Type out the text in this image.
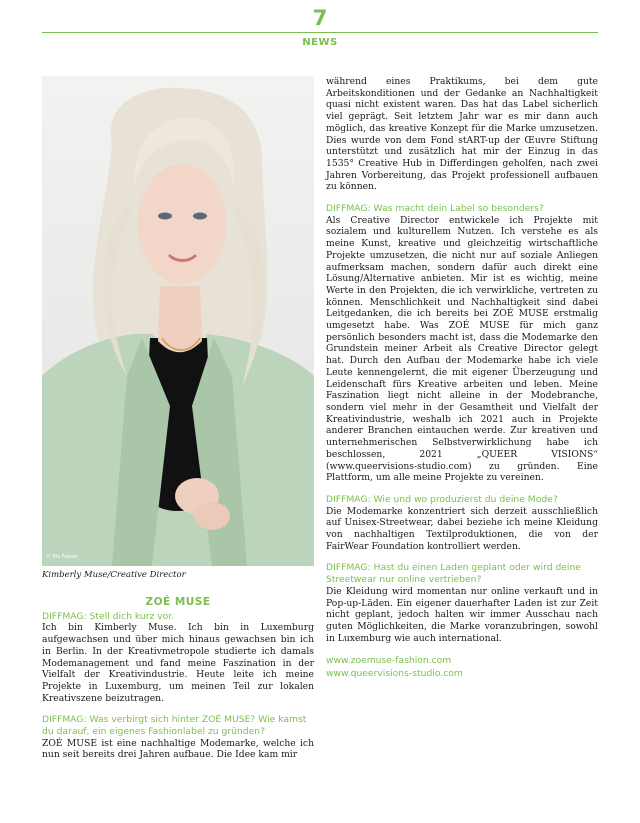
7
NEWS
© Pia Fowler
Kimberly Muse/Creative Director

ZOÉ MUSE

DIFFMAG: Stell dich kurz vor.

Ich bin Kimberly Muse. Ich bin in Luxemburg aufgewachsen und über mich hinaus gewachsen bin ich in Berlin. In der Kreativmetropole studierte ich damals Modemanagement und fand meine Faszination in der Vielfalt der Kreativindustrie. Heute leite ich meine Projekte in Luxemburg, um meinen Teil zur lokalen Kreativszene beizutragen.

DIFFMAG: Was verbirgt sich hinter ZOÉ MUSE? Wie kamst du darauf, ein eigenes Fashionlabel zu gründen?

ZOÉ MUSE ist eine nachhaltige Modemarke, welche ich nun seit bereits drei Jahren aufbaue. Die Idee kam mir

während eines Praktikums, bei dem gute Arbeitskonditionen und der Gedanke an Nachhaltigkeit quasi nicht existent waren. Das hat das Label sicherlich viel geprägt. Seit letztem Jahr war es mir dann auch möglich, das kreative Konzept für die Marke umzusetzen. Dies wurde von dem Fond stART-up der Œuvre Stiftung unterstützt und zusätzlich hat mir der Einzug in das 1535° Creative Hub in Differdingen geholfen, nach zwei Jahren Vorbereitung, das Projekt professionell aufbauen zu können.

DIFFMAG: Was macht dein Label so besonders?

Als Creative Director entwickele ich Projekte mit sozialem und kulturellem Nutzen. Ich verstehe es als meine Kunst, kreative und gleichzeitig wirtschaftliche Projekte umzusetzen, die nicht nur auf soziale Anliegen aufmerksam machen, sondern dafür auch direkt eine Lösung/Alternative anbieten. Mir ist es wichtig, meine Werte in den Projekten, die ich verwirkliche, vertreten zu können. Menschlichkeit und Nachhaltigkeit sind dabei Leitgedanken, die ich bereits bei ZOÉ MUSE erstmalig umgesetzt habe. Was ZOÉ MUSE für mich ganz persönlich besonders macht ist, dass die Modemarke den Grundstein meiner Arbeit als Creative Director gelegt hat. Durch den Aufbau der Modemarke habe ich viele Leute kennengelernt, die mit eigener Überzeugung und Leidenschaft fürs Kreative arbeiten und leben. Meine Faszination liegt nicht alleine in der Modebranche, sondern viel mehr in der Gesamtheit und Vielfalt der Kreativindustrie, weshalb ich 2021 auch in Projekte anderer Branchen eintauchen werde. Zur kreativen und unternehmerischen Selbstverwirklichung habe ich beschlossen, 2021 „QUEER VISIONS“ (www.queervisions-studio.com) zu gründen. Eine Plattform, um alle meine Projekte zu vereinen.

DIFFMAG: Wie und wo produzierst du deine Mode?

Die Modemarke konzentriert sich derzeit ausschließlich auf Unisex-Streetwear, dabei beziehe ich meine Kleidung von nachhaltigen Textilproduktionen, die von der FairWear Foundation kontrolliert werden.

DIFFMAG: Hast du einen Laden geplant oder wird deine Streetwear nur online vertrieben?

Die Kleidung wird momentan nur online verkauft und in Pop-up-Läden. Ein eigener dauerhafter Laden ist zur Zeit nicht geplant, jedoch halten wir immer Ausschau nach guten Möglichkeiten, die Marke voranzubringen, sowohl in Luxemburg wie auch international.

www.zoemuse-fashion.com

www.queervisions-studio.com
